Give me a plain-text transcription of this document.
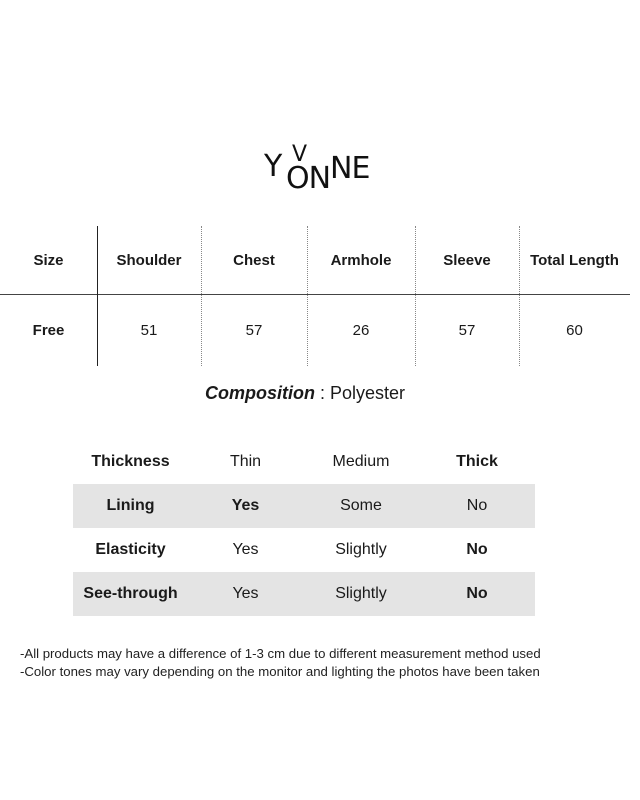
Y V
ON NE
Size	Shoulder	Chest	Armhole	Sleeve	Total Length
Free	51	57	26	57	60
Composition : Polyester
Thickness	Thin	Medium	Thick
Lining	Yes	Some	No
Elasticity	Yes	Slightly	No
See-through	Yes	Slightly	No
-All products may have a difference of 1-3 cm due to different measurement method used
-Color tones may vary depending on the monitor and lighting the photos have been taken
